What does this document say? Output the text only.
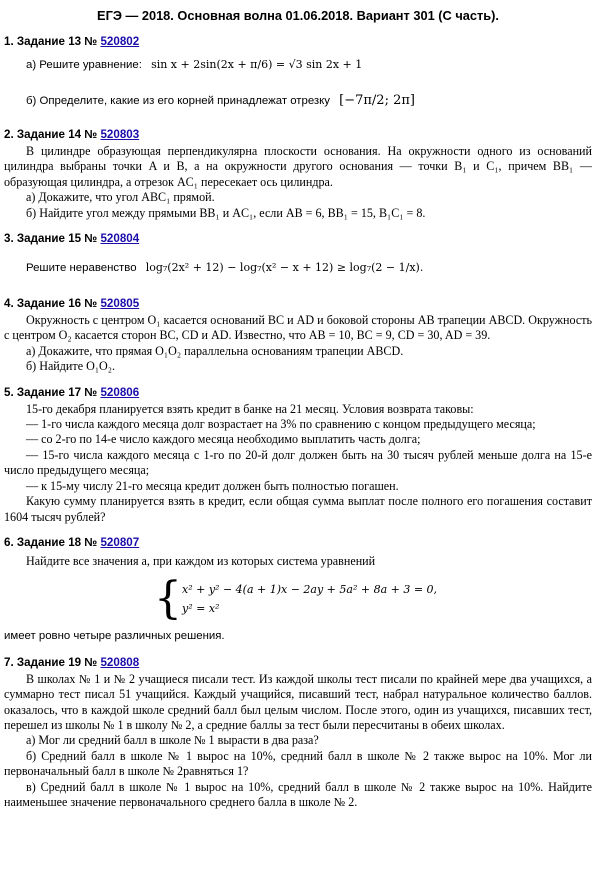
ЕГЭ — 2018. Основная волна 01.06.2018. Вариант 301 (C часть).

1. Задание 13 № 520802

а) Решите уравнение: sin x + 2sin(2x + π/6) = √3 sin 2x + 1
б) Определите, какие из его корней принадлежат отрезку [−7π/2; 2π]

2. Задание 14 № 520803

В цилиндре образующая перпендикулярна плоскости основания. На окружности одного из оснований цилиндра выбраны точки A и B, а на окружности другого основания — точки B₁ и C₁, причем BB₁ — образующая цилиндра, а отрезок AC₁ пересекает ось цилиндра.

а) Докажите, что угол ABC₁ прямой.

б) Найдите угол между прямыми BB₁ и AC₁, если AB = 6, BB₁ = 15, B₁C₁ = 8.

3. Задание 15 № 520804

Решите неравенство log₇(2x² + 12) − log₇(x² − x + 12) ≥ log₇(2 − 1/x).

4. Задание 16 № 520805

Окружность с центром O₁ касается оснований BC и AD и боковой стороны AB трапеции ABCD. Окружность с центром O₂ касается сторон BC, CD и AD. Известно, что AB = 10, BC = 9, CD = 30, AD = 39.

а) Докажите, что прямая O₁O₂ параллельна основаниям трапеции ABCD.

б) Найдите O₁O₂.

5. Задание 17 № 520806

15-го декабря планируется взять кредит в банке на 21 месяц. Условия возврата таковы:

— 1-го числа каждого месяца долг возрастает на 3% по сравнению с концом предыдущего месяца;

— со 2-го по 14-е число каждого месяца необходимо выплатить часть долга;

— 15-го числа каждого месяца с 1-го по 20-й долг должен быть на 30 тысяч рублей меньше долга на 15-е число предыдущего месяца;

— к 15-му числу 21-го месяца кредит должен быть полностью погашен.

Какую сумму планируется взять в кредит, если общая сумма выплат после полного его погашения составит 1604 тысяч рублей?

6. Задание 18 № 520807

Найдите все значения a, при каждом из которых система уравнений

{ x² + y² − 4(a + 1)x − 2ay + 5a² + 8a + 3 = 0,
y² = x²

имеет ровно четыре различных решения.

7. Задание 19 № 520808

В школах № 1 и № 2 учащиеся писали тест. Из каждой школы тест писали по крайней мере два учащихся, а суммарно тест писал 51 учащийся. Каждый учащийся, писавший тест, набрал натуральное количество баллов. оказалось, что в каждой школе средний балл был целым числом. После этого, один из учащихся, писавших тест, перешел из школы № 1 в школу № 2, а средние баллы за тест были пересчитаны в обеих школах.

а) Мог ли средний балл в школе № 1 вырасти в два раза?

б) Средний балл в школе № 1 вырос на 10%, средний балл в школе № 2 также вырос на 10%. Мог ли первоначальный балл в школе № 2равняться 1?

в) Средний балл в школе № 1 вырос на 10%, средний балл в школе № 2 также вырос на 10%. Найдите наименьшее значение первоначального среднего балла в школе № 2.
